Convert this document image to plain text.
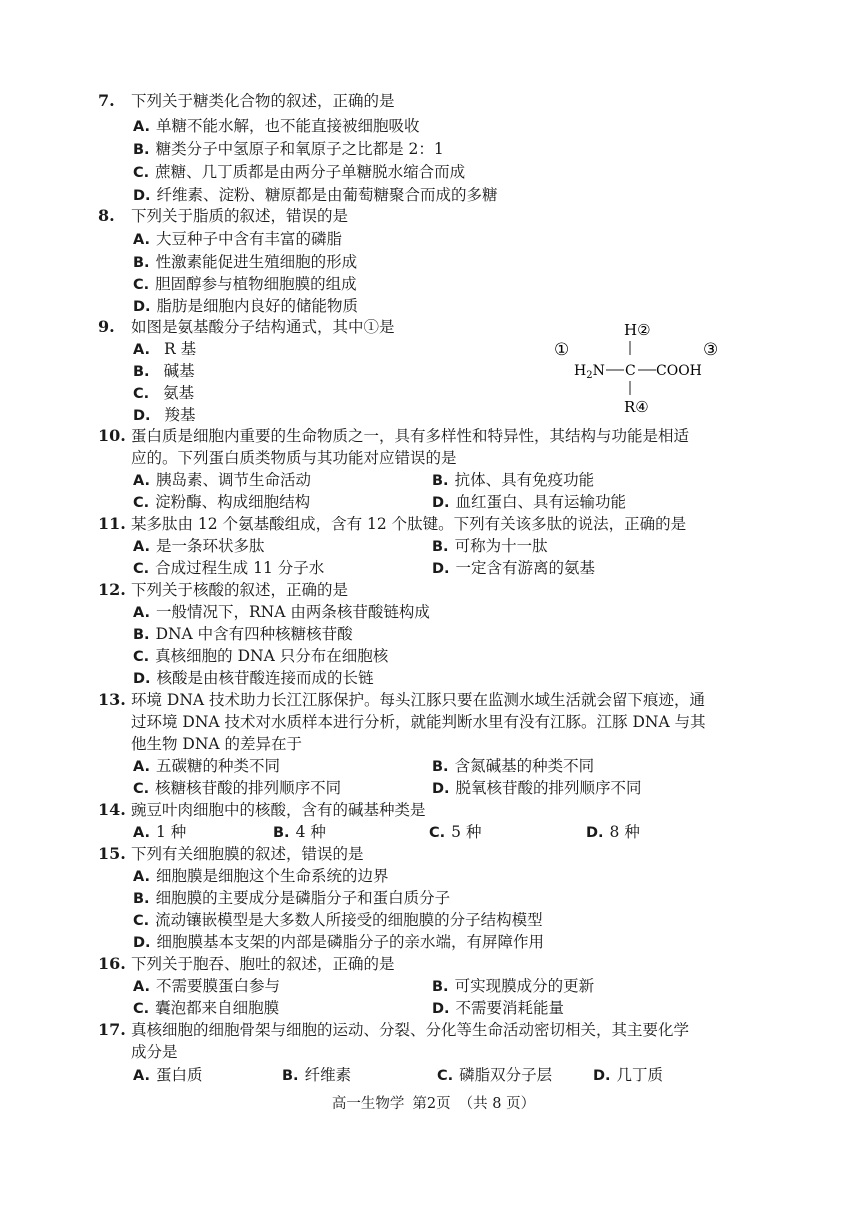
7.	下列关于糖类化合物的叙述，正确的是
A. 单糖不能水解，也不能直接被细胞吸收
B. 糖类分子中氢原子和氧原子之比都是 2：1
C. 蔗糖、几丁质都是由两分子单糖脱水缩合而成
D. 纤维素、淀粉、糖原都是由葡萄糖聚合而成的多糖
8.	下列关于脂质的叙述，错误的是
A. 大豆种子中含有丰富的磷脂
B. 性激素能促进生殖细胞的形成
C. 胆固醇参与植物细胞膜的组成
D. 脂肪是细胞内良好的储能物质
9.	如图是氨基酸分子结构通式，其中①是
A. R 基
B. 碱基
C. 氨基
D. 羧基
①
H②
$H_2N$ C COOH
③
R④
10. 蛋白质是细胞内重要的生命物质之一，具有多样性和特异性，其结构与功能是相适
应的。下列蛋白质类物质与其功能对应错误的是
A. 胰岛素、调节生命活动	B. 抗体、具有免疫功能
C. 淀粉酶、构成细胞结构	D. 血红蛋白、具有运输功能
11. 某多肽由 12 个氨基酸组成，含有 12 个肽键。下列有关该多肽的说法，正确的是
A. 是一条环状多肽	B. 可称为十一肽
C. 合成过程生成 11 分子水	D. 一定含有游离的氨基
12. 下列关于核酸的叙述，正确的是
A. 一般情况下，RNA 由两条核苷酸链构成
B. DNA 中含有四种核糖核苷酸
C. 真核细胞的 DNA 只分布在细胞核
D. 核酸是由核苷酸连接而成的长链
13. 环境 DNA 技术助力长江江豚保护。每头江豚只要在监测水域生活就会留下痕迹，通
过环境 DNA 技术对水质样本进行分析，就能判断水里有没有江豚。江豚 DNA 与其
他生物 DNA 的差异在于
A. 五碳糖的种类不同	B. 含氮碱基的种类不同
C. 核糖核苷酸的排列顺序不同	D. 脱氧核苷酸的排列顺序不同
14. 豌豆叶肉细胞中的核酸，含有的碱基种类是
A. 1 种	B. 4 种	C. 5 种	D. 8 种
15. 下列有关细胞膜的叙述，错误的是
A. 细胞膜是细胞这个生命系统的边界
B. 细胞膜的主要成分是磷脂分子和蛋白质分子
C. 流动镶嵌模型是大多数人所接受的细胞膜的分子结构模型
D. 细胞膜基本支架的内部是磷脂分子的亲水端，有屏障作用
16. 下列关于胞吞、胞吐的叙述，正确的是
A. 不需要膜蛋白参与	B. 可实现膜成分的更新
C. 囊泡都来自细胞膜	D. 不需要消耗能量
17. 真核细胞的细胞骨架与细胞的运动、分裂、分化等生命活动密切相关，其主要化学
成分是
A. 蛋白质	B. 纤维素	C. 磷脂双分子层	D. 几丁质
高一生物学 第2页 （共 8 页）
